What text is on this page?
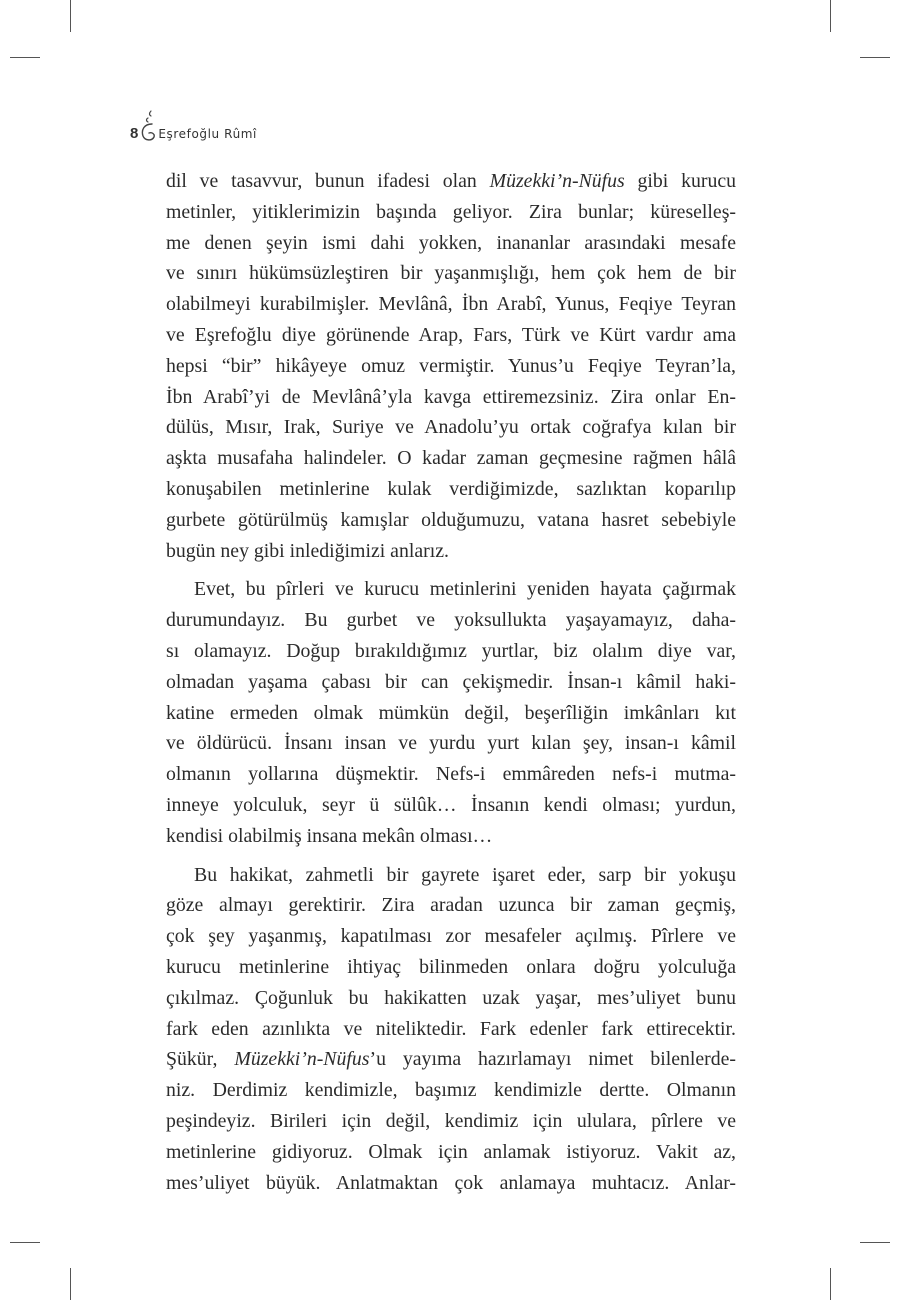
8 Eşrefoğlu Rûmî

dil ve tasavvur, bunun ifadesi olan Müzekki’n-Nüfus gibi kurucu
metinler, yitiklerimizin başında geliyor. Zira bunlar; küreselleş-
me denen şeyin ismi dahi yokken, inananlar arasındaki mesafe
ve sınırı hükümsüzleştiren bir yaşanmışlığı, hem çok hem de bir
olabilmeyi kurabilmişler. Mevlânâ, İbn Arabî, Yunus, Feqiye Teyran
ve Eşrefoğlu diye görünende Arap, Fars, Türk ve Kürt vardır ama
hepsi “bir” hikâyeye omuz vermiştir. Yunus’u Feqiye Teyran’la,
İbn Arabî’yi de Mevlânâ’yla kavga ettiremezsiniz. Zira onlar En-
dülüs, Mısır, Irak, Suriye ve Anadolu’yu ortak coğrafya kılan bir
aşkta musafaha halindeler. O kadar zaman geçmesine rağmen hâlâ
konuşabilen metinlerine kulak verdiğimizde, sazlıktan koparılıp
gurbete götürülmüş kamışlar olduğumuzu, vatana hasret sebebiyle
bugün ney gibi inlediğimizi anlarız.

Evet, bu pîrleri ve kurucu metinlerini yeniden hayata çağırmak
durumundayız. Bu gurbet ve yoksullukta yaşayamayız, daha-
sı olamayız. Doğup bırakıldığımız yurtlar, biz olalım diye var,
olmadan yaşama çabası bir can çekişmedir. İnsan-ı kâmil haki-
katine ermeden olmak mümkün değil, beşerîliğin imkânları kıt
ve öldürücü. İnsanı insan ve yurdu yurt kılan şey, insan-ı kâmil
olmanın yollarına düşmektir. Nefs-i emmâreden nefs-i mutma-
inneye yolculuk, seyr ü sülûk… İnsanın kendi olması; yurdun,
kendisi olabilmiş insana mekân olması…

Bu hakikat, zahmetli bir gayrete işaret eder, sarp bir yokuşu
göze almayı gerektirir. Zira aradan uzunca bir zaman geçmiş,
çok şey yaşanmış, kapatılması zor mesafeler açılmış. Pîrlere ve
kurucu metinlerine ihtiyaç bilinmeden onlara doğru yolculuğa
çıkılmaz. Çoğunluk bu hakikatten uzak yaşar, mes’uliyet bunu
fark eden azınlıkta ve niteliktedir. Fark edenler fark ettirecektir.
Şükür, Müzekki’n-Nüfus’u yayıma hazırlamayı nimet bilenlerde-
niz. Derdimiz kendimizle, başımız kendimizle dertte. Olmanın
peşindeyiz. Birileri için değil, kendimiz için ululara, pîrlere ve
metinlerine gidiyoruz. Olmak için anlamak istiyoruz. Vakit az,
mes’uliyet büyük. Anlatmaktan çok anlamaya muhtacız. Anlar-
